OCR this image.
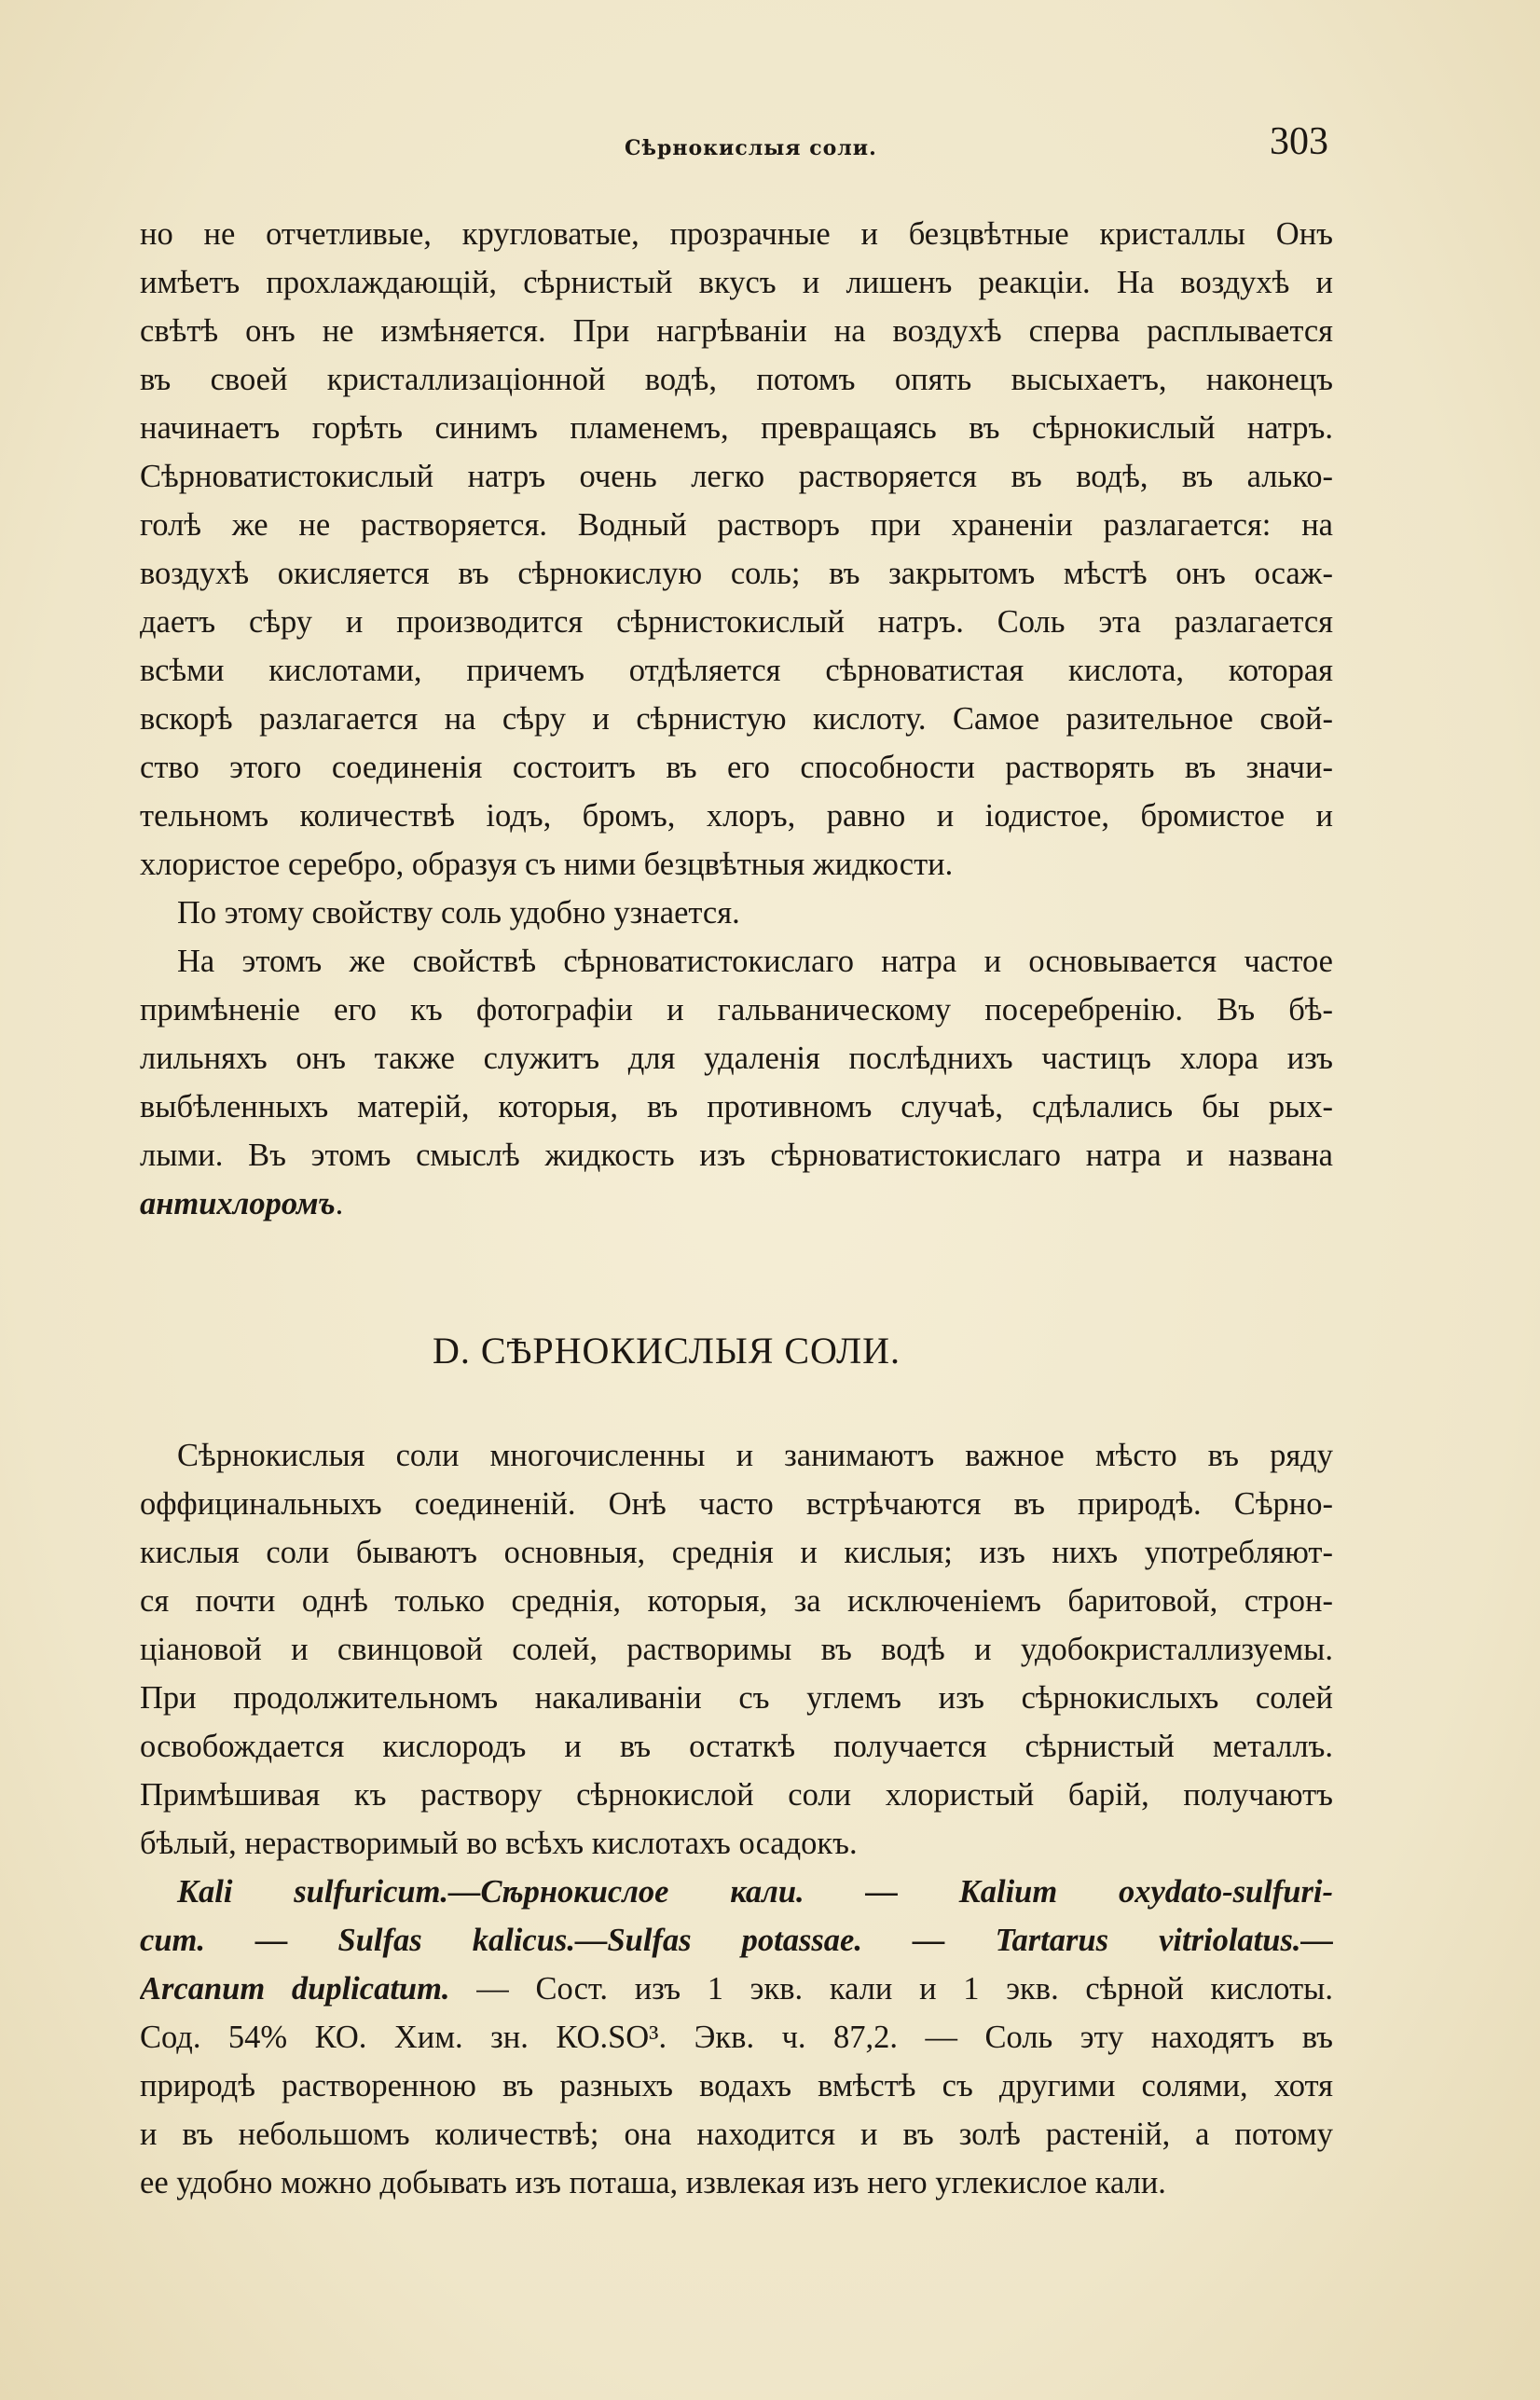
Сѣрнокислыя соли.	303
но не отчетливые, кругловатые, прозрачные и безцвѣтные кристаллы Онъ
имѣетъ прохлаждающій, сѣрнистый вкусъ и лишенъ реакціи. На воздухѣ и
свѣтѣ онъ не измѣняется. При нагрѣваніи на воздухѣ сперва расплывается
въ своей кристаллизаціонной водѣ, потомъ опять высыхаетъ, наконецъ
начинаетъ горѣть синимъ пламенемъ, превращаясь въ сѣрнокислый натръ.
Сѣрноватистокислый натръ очень легко растворяется въ водѣ, въ алько-
голѣ же не растворяется. Водный растворъ при храненіи разлагается: на
воздухѣ окисляется въ сѣрнокислую соль; въ закрытомъ мѣстѣ онъ осаж-
даетъ сѣру и производится сѣрнистокислый натръ. Соль эта разлагается
всѣми кислотами, причемъ отдѣляется сѣрноватистая кислота, которая
вскорѣ разлагается на сѣру и сѣрнистую кислоту. Самое разительное свой-
ство этого соединенія состоитъ въ его способности растворять въ значи-
тельномъ количествѣ іодъ, бромъ, хлоръ, равно и іодистое, бромистое и
хлористое серебро, образуя съ ними безцвѣтныя жидкости.
По этому свойству соль удобно узнается.
На этомъ же свойствѣ сѣрноватистокислаго натра и основывается частое
примѣненіе его къ фотографіи и гальваническому посеребренію. Въ бѣ-
лильняхъ онъ также служитъ для удаленія послѣднихъ частицъ хлора изъ
выбѣленныхъ матерій, которыя, въ противномъ случаѣ, сдѣлались бы рых-
лыми. Въ этомъ смыслѣ жидкость изъ сѣрноватистокислаго натра и названа
антихлоромъ.
D. СѢРНОКИСЛЫЯ СОЛИ.
Сѣрнокислыя соли многочисленны и занимаютъ важное мѣсто въ ряду
оффицинальныхъ соединеній. Онѣ часто встрѣчаются въ природѣ. Сѣрно-
кислыя соли бываютъ основныя, среднія и кислыя; изъ нихъ употребляют-
ся почти однѣ только среднія, которыя, за исключеніемъ баритовой, строн-
ціановой и свинцовой солей, растворимы въ водѣ и удобокристаллизуемы.
При продолжительномъ накаливаніи съ углемъ изъ сѣрнокислыхъ солей
освобождается кислородъ и въ остаткѣ получается сѣрнистый металлъ.
Примѣшивая къ раствору сѣрнокислой соли хлористый барій, получаютъ
бѣлый, нерастворимый во всѣхъ кислотахъ осадокъ.
Kali sulfuricum.—Сѣрнокислое кали. — Kalium oxydato-sulfuri-
cum. — Sulfas kalicus.—Sulfas potassae. — Tartarus vitriolatus.—
Arcanum duplicatum. — Сост. изъ 1 экв. кали и 1 экв. сѣрной кислоты.
Сод. 54% КО. Хим. зн. КО.SO³. Экв. ч. 87,2. — Соль эту находятъ въ
природѣ растворенною въ разныхъ водахъ вмѣстѣ съ другими солями, хотя
и въ небольшомъ количествѣ; она находится и въ золѣ растеній, а потому
ее удобно можно добывать изъ поташа, извлекая изъ него углекислое кали.
